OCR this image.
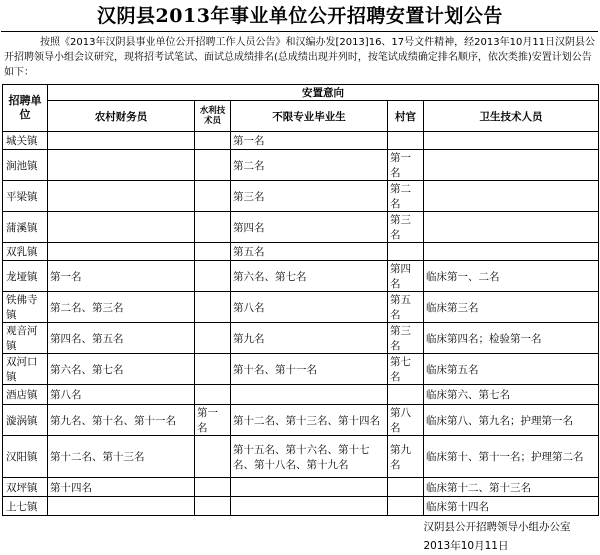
汉阴县2013年事业单位公开招聘安置计划公告
按照《2013年汉阴县事业单位公开招聘工作人员公告》和汉编办发[2013]16、17号文件精神，经2013年10月11日汉阴县公开招聘领导小组会议研究，现将招考试笔试、面试总成绩排名(总成绩出现并列时，按笔试成绩确定排名顺序，依次类推)安置计划公告如下：
招聘单位	安置意向				
	农村财务员	水利技术员	不限专业毕业生	村官	卫生技术人员
城关镇			第一名		
涧池镇			第二名	第一名	
平梁镇			第三名	第二名	
蒲溪镇			第四名	第三名	
双乳镇			第五名		
龙垭镇	第一名		第六名、第七名	第四名	临床第一、二名
铁佛寺镇	第二名、第三名		第八名	第五名	临床第三名
观音河镇	第四名、第五名		第九名	第三名	临床第四名；检验第一名
双河口镇	第六名、第七名		第十名、第十一名	第七名	临床第五名
酒店镇	第八名				临床第六、第七名
漩涡镇	第九名、第十名、第十一名	第一名	第十二名、第十三名、第十四名	第八名	临床第八、第九名；护理第一名
汉阳镇	第十二名、第十三名		第十五名、第十六名、第十七名、第十八名、第十九名	第九名	临床第十、第十一名；护理第二名
双坪镇	第十四名				临床第十二、第十三名
上七镇					临床第十四名
					汉阴县公开招聘领导小组办公室
					2013年10月11日
